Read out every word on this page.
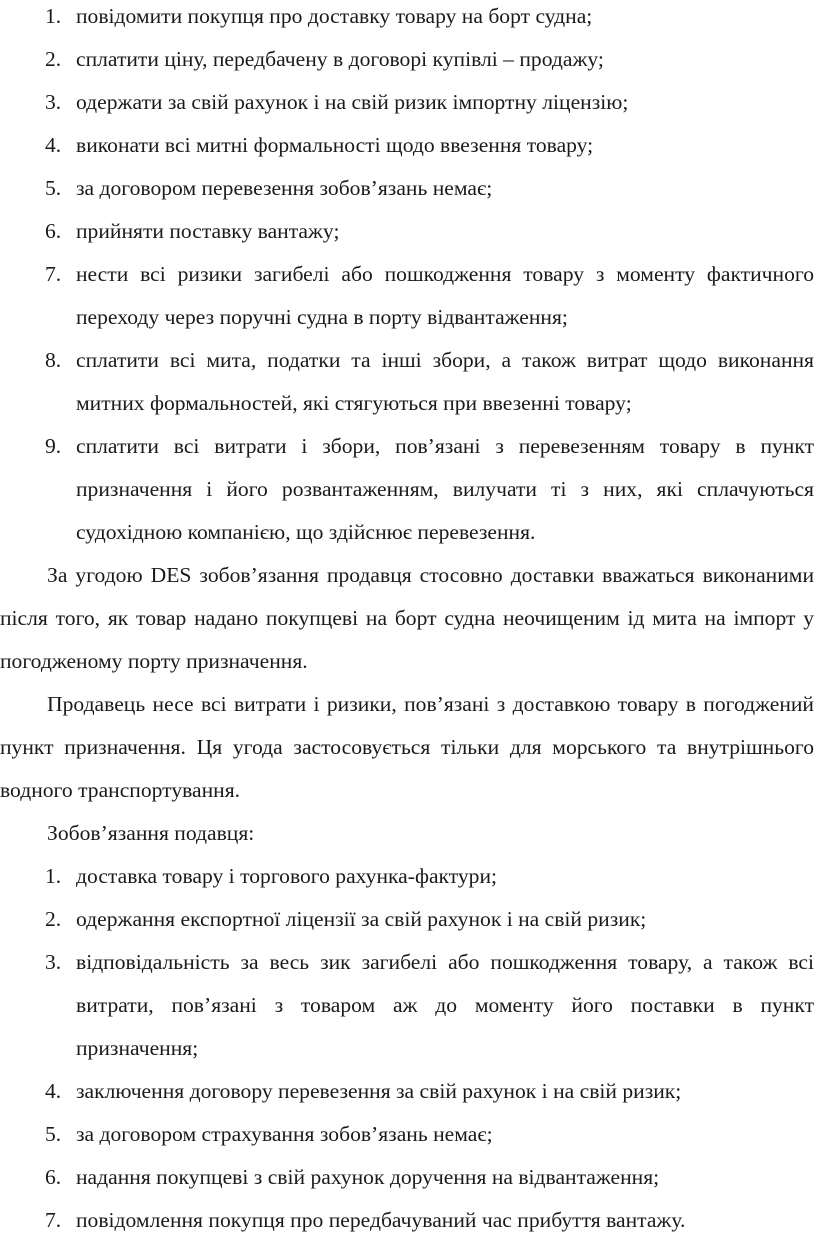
1. повідомити покупця про доставку товару на борт судна;
2. сплатити ціну, передбачену в договорі купівлі – продажу;
3. одержати за свій рахунок і на свій ризик імпортну ліцензію;
4. виконати всі митні формальності щодо ввезення товару;
5. за договором перевезення зобов’язань немає;
6. прийняти поставку вантажу;
7. нести всі ризики загибелі або пошкодження товару з моменту фактичного переходу через поручні судна в порту відвантаження;
8. сплатити всі мита, податки та інші збори, а також витрат щодо виконання митних формальностей, які стягуються при ввезенні товару;
9. сплатити всі витрати і збори, пов’язані з перевезенням товару в пункт призначення і його розвантаженням, вилучати ті з них, які сплачуються судохідною компанією, що здійснює перевезення.

За угодою DES зобов’язання продавця стосовно доставки вважаться виконаними після того, як товар надано покупцеві на борт судна неочищеним ід мита на імпорт у погодженому порту призначення.

Продавець несе всі витрати і ризики, пов’язані з доставкою товару в погоджений пункт призначення. Ця угода застосовується тільки для морського та внутрішнього водного транспортування.

Зобов’язання подавця:

1. доставка товару і торгового рахунка-фактури;
2. одержання експортної ліцензії за свій рахунок і на свій ризик;
3. відповідальність за весь зик загибелі або пошкодження товару, а також всі витрати, пов’язані з товаром аж до моменту його поставки в пункт призначення;
4. заключення договору перевезення за свій рахунок і на свій ризик;
5. за договором страхування зобов’язань немає;
6. надання покупцеві з свій рахунок доручення на відвантаження;
7. повідомлення покупця про передбачуваний час прибуття вантажу.
